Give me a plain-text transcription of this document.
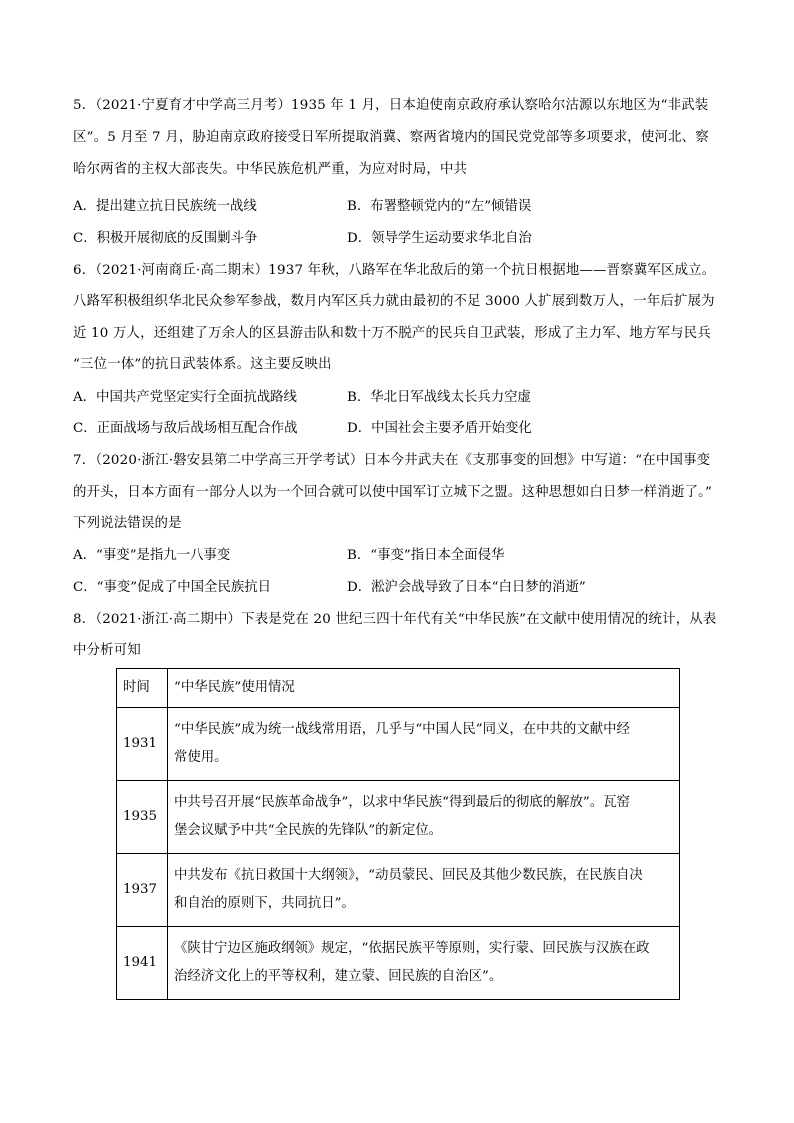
5．（2021·宁夏育才中学高三月考）1935 年 1 月，日本迫使南京政府承认察哈尔沽源以东地区为“非武装
区”。5 月至 7 月，胁迫南京政府接受日军所提取消冀、察两省境内的国民党党部等多项要求，使河北、察
哈尔两省的主权大部丧失。中华民族危机严重，为应对时局，中共
A．提出建立抗日民族统一战线	B．布署整顿党内的“左”倾错误
C．积极开展彻底的反围剿斗争	D．领导学生运动要求华北自治
6．（2021·河南商丘·高二期末）1937 年秋，八路军在华北敌后的第一个抗日根据地——晋察冀军区成立。
八路军积极组织华北民众参军参战，数月内军区兵力就由最初的不足 3000 人扩展到数万人，一年后扩展为
近 10 万人，还组建了万余人的区县游击队和数十万不脱产的民兵自卫武装，形成了主力军、地方军与民兵
“三位一体”的抗日武装体系。这主要反映出
A．中国共产党坚定实行全面抗战路线	B．华北日军战线太长兵力空虚
C．正面战场与敌后战场相互配合作战	D．中国社会主要矛盾开始变化
7．（2020·浙江·磐安县第二中学高三开学考试）日本今井武夫在《支那事变的回想》中写道：“在中国事变
的开头，日本方面有一部分人以为一个回合就可以使中国军订立城下之盟。这种思想如白日梦一样消逝了。”
下列说法错误的是
A．“事变”是指九一八事变	B．“事变”指日本全面侵华
C．“事变”促成了中国全民族抗日	D．淞沪会战导致了日本“白日梦的消逝”
8．（2021·浙江·高二期中）下表是党在 20 世纪三四十年代有关“中华民族”在文献中使用情况的统计，从表
中分析可知
时间	“中华民族”使用情况
1931	“中华民族”成为统一战线常用语，几乎与“中国人民”同义，在中共的文献中经
常使用。

1935	中共号召开展“民族革命战争”，以求中华民族“得到最后的彻底的解放”。瓦窑
堡会议赋予中共“全民族的先锋队”的新定位。

1937	中共发布《抗日救国十大纲领》，“动员蒙民、回民及其他少数民族，在民族自决
和自治的原则下，共同抗日”。

1941	《陕甘宁边区施政纲领》规定，“依据民族平等原则，实行蒙、回民族与汉族在政
治经济文化上的平等权利，建立蒙、回民族的自治区”。
